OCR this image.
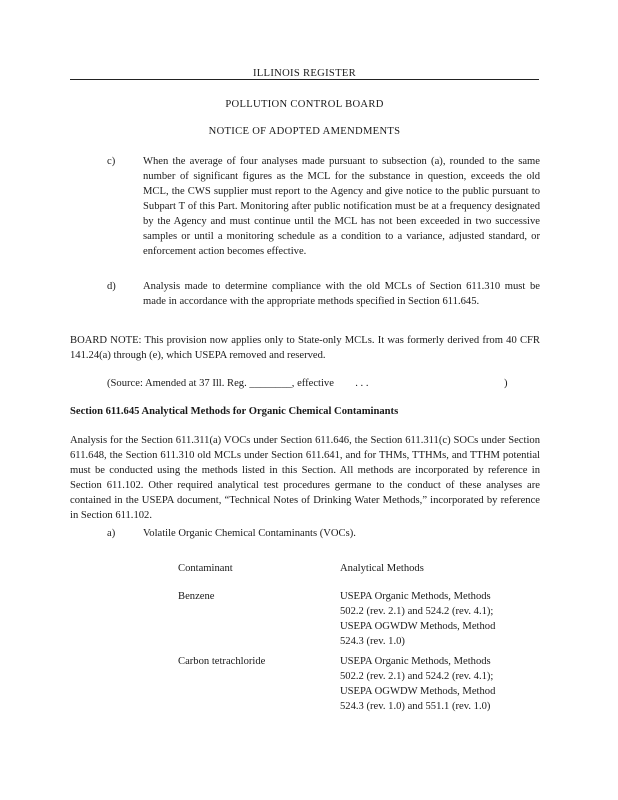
ILLINOIS REGISTER
POLLUTION CONTROL BOARD
NOTICE OF ADOPTED AMENDMENTS
c)	When the average of four analyses made pursuant to subsection (a), rounded to the same number of significant figures as the MCL for the substance in question, exceeds the old MCL, the CWS supplier must report to the Agency and give notice to the public pursuant to Subpart T of this Part. Monitoring after public notification must be at a frequency designated by the Agency and must continue until the MCL has not been exceeded in two successive samples or until a monitoring schedule as a condition to a variance, adjusted standard, or enforcement action becomes effective.
d)	Analysis made to determine compliance with the old MCLs of Section 611.310 must be made in accordance with the appropriate methods specified in Section 611.645.
BOARD NOTE: This provision now applies only to State-only MCLs. It was formerly derived from 40 CFR 141.24(a) through (e), which USEPA removed and reserved.
(Source: Amended at 37 Ill. Reg. ________, effective . . .	)
Section 611.645 Analytical Methods for Organic Chemical Contaminants
Analysis for the Section 611.311(a) VOCs under Section 611.646, the Section 611.311(c) SOCs under Section 611.648, the Section 611.310 old MCLs under Section 611.641, and for THMs, TTHMs, and TTHM potential must be conducted using the methods listed in this Section. All methods are incorporated by reference in Section 611.102. Other required analytical test procedures germane to the conduct of these analyses are contained in the USEPA document, “Technical Notes of Drinking Water Methods,” incorporated by reference in Section 611.102.
a)	Volatile Organic Chemical Contaminants (VOCs).
Contaminant	Analytical Methods
Benzene	USEPA Organic Methods, Methods
502.2 (rev. 2.1) and 524.2 (rev. 4.1);
USEPA OGWDW Methods, Method
524.3 (rev. 1.0)
Carbon tetrachloride	USEPA Organic Methods, Methods
502.2 (rev. 2.1) and 524.2 (rev. 4.1);
USEPA OGWDW Methods, Method
524.3 (rev. 1.0) and 551.1 (rev. 1.0)
